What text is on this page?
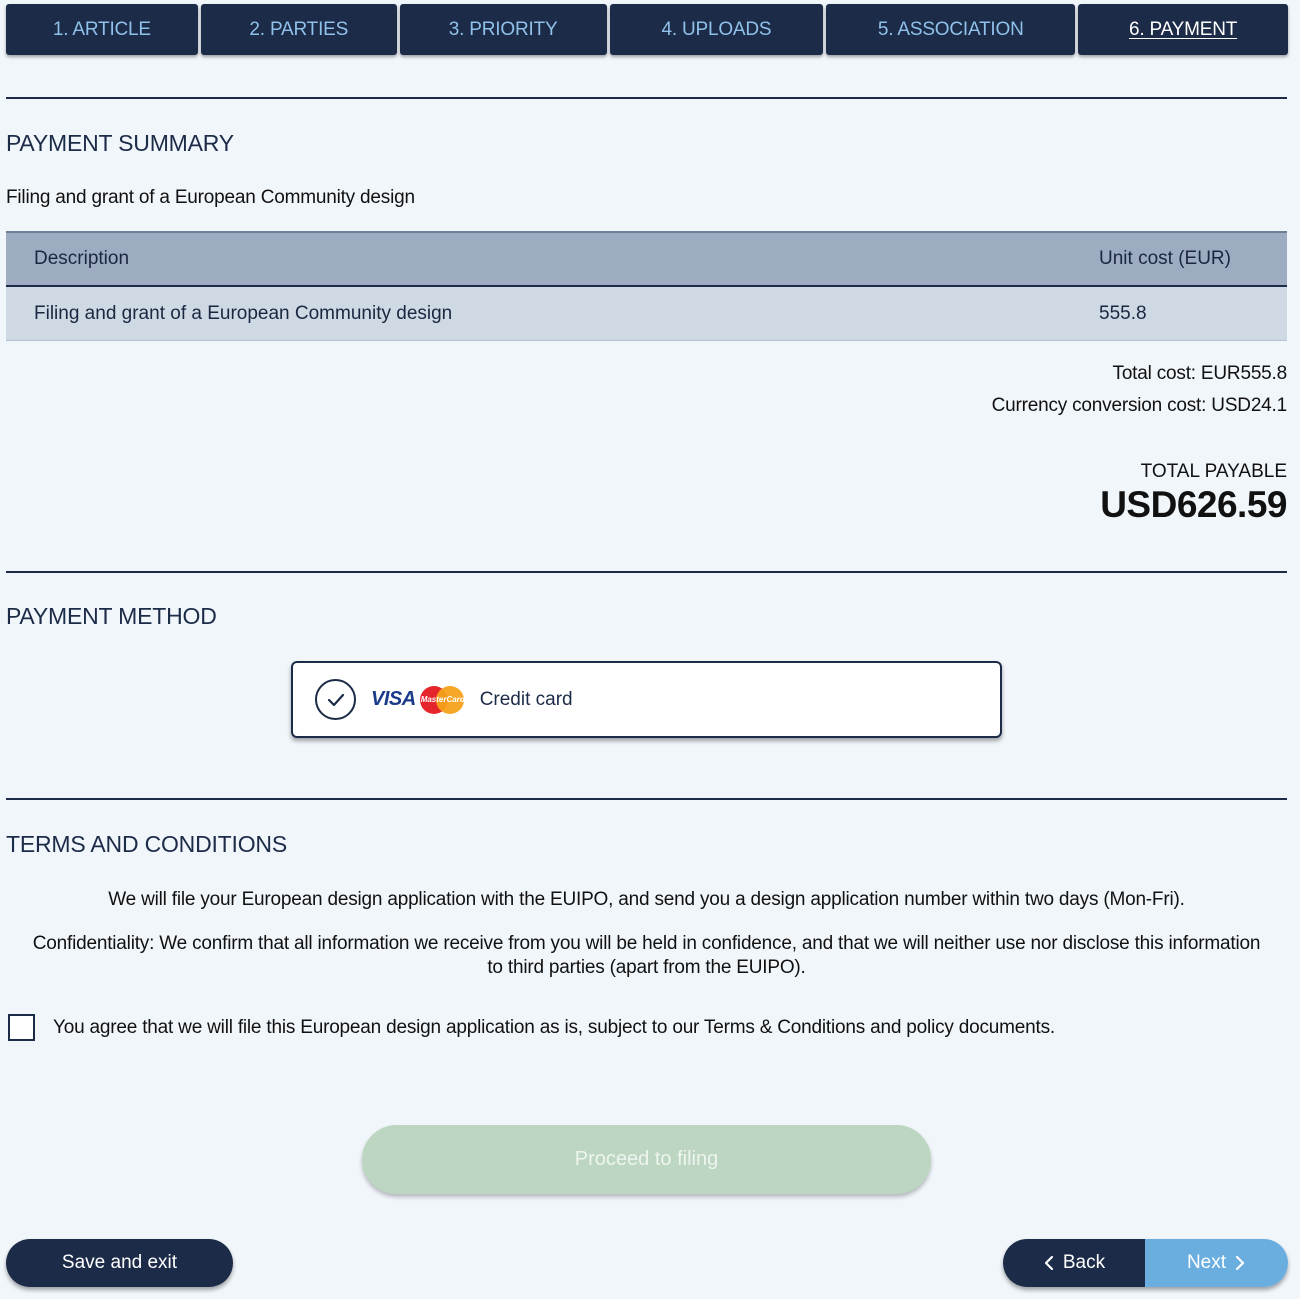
1. ARTICLE	2. PARTIES	3. PRIORITY	4. UPLOADS	5. ASSOCIATION	6. PAYMENT
PAYMENT SUMMARY
Filing and grant of a European Community design
Description	Unit cost (EUR)
Filing and grant of a European Community design	555.8
Total cost: EUR555.8
Currency conversion cost: USD24.1
TOTAL PAYABLE
USD626.59
PAYMENT METHOD
VISA MasterCard Credit card
TERMS AND CONDITIONS
We will file your European design application with the EUIPO, and send you a design application number within two days (Mon-Fri).
Confidentiality: We confirm that all information we receive from you will be held in confidence, and that we will neither use nor disclose this information
to third parties (apart from the EUIPO).
You agree that we will file this European design application as is, subject to our Terms & Conditions and policy documents.
Proceed to filing
Save and exit	Back	Next
